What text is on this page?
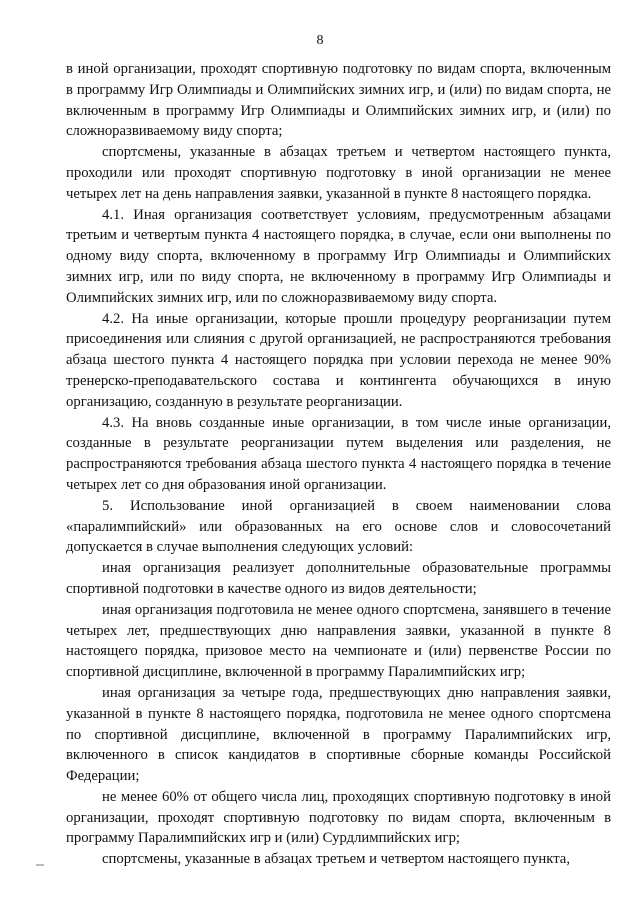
8

в иной организации, проходят спортивную подготовку по видам спорта, включенным в программу Игр Олимпиады и Олимпийских зимних игр, и (или) по видам спорта, не включенным в программу Игр Олимпиады и Олимпийских зимних игр, и (или) по сложноразвиваемому виду спорта;

спортсмены, указанные в абзацах третьем и четвертом настоящего пункта, проходили или проходят спортивную подготовку в иной организации не менее четырех лет на день направления заявки, указанной в пункте 8 настоящего порядка.

4.1. Иная организация соответствует условиям, предусмотренным абзацами третьим и четвертым пункта 4 настоящего порядка, в случае, если они выполнены по одному виду спорта, включенному в программу Игр Олимпиады и Олимпийских зимних игр, или по виду спорта, не включенному в программу Игр Олимпиады и Олимпийских зимних игр, или по сложноразвиваемому виду спорта.

4.2. На иные организации, которые прошли процедуру реорганизации путем присоединения или слияния с другой организацией, не распространяются требования абзаца шестого пункта 4 настоящего порядка при условии перехода не менее 90% тренерско-преподавательского состава и контингента обучающихся в иную организацию, созданную в результате реорганизации.

4.3. На вновь созданные иные организации, в том числе иные организации, созданные в результате реорганизации путем выделения или разделения, не распространяются требования абзаца шестого пункта 4 настоящего порядка в течение четырех лет со дня образования иной организации.

5. Использование иной организацией в своем наименовании слова «паралимпийский» или образованных на его основе слов и словосочетаний допускается в случае выполнения следующих условий:

иная организация реализует дополнительные образовательные программы спортивной подготовки в качестве одного из видов деятельности;

иная организация подготовила не менее одного спортсмена, занявшего в течение четырех лет, предшествующих дню направления заявки, указанной в пункте 8 настоящего порядка, призовое место на чемпионате и (или) первенстве России по спортивной дисциплине, включенной в программу Паралимпийских игр;

иная организация за четыре года, предшествующих дню направления заявки, указанной в пункте 8 настоящего порядка, подготовила не менее одного спортсмена по спортивной дисциплине, включенной в программу Паралимпийских игр, включенного в список кандидатов в спортивные сборные команды Российской Федерации;

не менее 60% от общего числа лиц, проходящих спортивную подготовку в иной организации, проходят спортивную подготовку по видам спорта, включенным в программу Паралимпийских игр и (или) Сурдлимпийских игр;

спортсмены, указанные в абзацах третьем и четвертом настоящего пункта,
